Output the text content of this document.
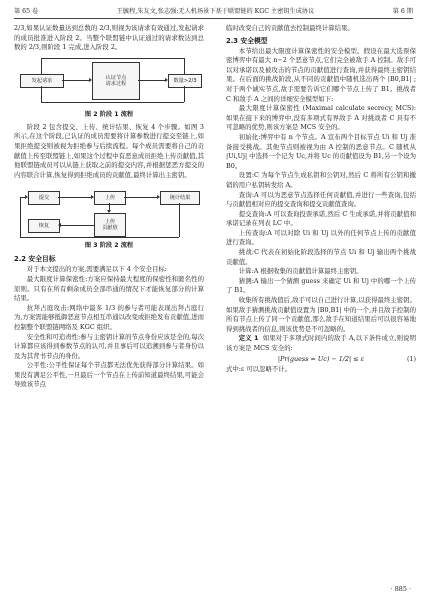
第 65 卷	王毓程,朱友文,张志强:无人机场景下基于联盟链的 KGC 主密钥生成协议	第 6 期

2/3,如果认证数量达到总数的 2/3,则视为该请求有效通过,发起请求的成员批准进入阶段 2。当整个联盟链中认证通过的请求数达到总数的 2/3,则阶段 1 完成,进入阶段 2。

发起请求	认证节点
请求过程	数量>2/3
图 2 阶段 1 流程

阶段 2 包含提交、上传、统计结果、恢复 4 个步骤。如图 3 所示,在这个阶段,已认证的成员需要将计算参数进行提交至链上,如果拒绝提交则被视为拒绝参与后续流程。每个成员需要将自己的贡献值上传至联盟链上,如果这个过程中有恶意成员拒绝上传贡献值,其他联盟链成员可以从链上获取之前的提交内容,并根据惩恶方提交的内容联合计算,恢复得到拒绝成员的贡献值,最终计算出主密钥。

提交	上传	统计结果
恢复
上传
贡献值
图 3 阶段 2 流程
2.2 安全目标

对于本文提出的方案,需要满足以下 4 个安全目标:

最大限度计算保密性:方案应保持最大程度的保密性和匿名性的原则。只有在所有剩余成员全部串通的情况下才能恢复部分的计算结果。

抗拜占庭攻击:网络中最多 1/3 的参与者可能表现出拜占庭行为,方案需能够抵御恶意节点相互串通以改变或拒绝发布贡献值,进而控制整个联盟链网络及 KGC 组织。

安全性和可追责性:参与主密钥计算的节点身份应该是全的,每次计算都应该得到参数节点的认可,并且事后可以追溯到参与者身份以及为其背书节点的身份。

公平性:公平性保证每个节点都无法优先获得部分计算结果。如果没有满足公平性,一旦最后一个节点在上传前知道最终结果,可能会导致该节点

临时改变自己的贡献值去控制最终计算结果。

2.3 安全模型

本节给出最大限度计算保密性的安全模型。假设在最大选票保密博弈中有最大 n−2 个恶意节点,它们完全被敌手 A 控制。敌手可以对承诺以及被攻击的节点的贡献值进行查询,并获得最终主密钥结果。在后面的挑战阶段,从不同的贡献值中随机选出两个 |B0,B1| ;对于两个诚实节点,敌手需要告诉它们哪个节点上传了 B1。挑战者 C 和敌手 A 之间的详细安全模型如下:

最大限度计算保密性 (Maximal calculate secrecy, MCS):如果在接下来的博弈中,没有多项式有界敌手 A 对挑战者 C 具有不可忽略的优势,则该方案是 MCS 安全的。

初始化:博弈中有 n 个节点。A 宣布两个目标节点 Ui 和 Uj 准备接受挑战。其他节点则被视为由 A 控制的恶意节点。C 随机从 |Ui,Uj| 中选择一个记为 Uc,并将 Uc 的贡献值设为 B1,另一个设为 B0。

设置:C 为每个节点生成私钥和公钥对,然后 C 将所有公钥和撤销的用户私钥转发给 A。

查询:A 可以为恶意节点选择任何贡献值,并进行一些查询,包括与贡献值相对应的提交查询和提交贡献值查询。

提交查询:A 可以查询投票承诺,然后 C 生成承诺,并将贡献值和承诺记录在列表 LC 中。

上传查询:A 可以对除 Ui 和 Uj 以外的任何节点上传的贡献值进行查询。

挑战:C 代表在初始化阶段选择的节点 Ui 和 Uj 输出两个挑战贡献值。

计算:A 根据收集的贡献值计算最终主密钥。

猜测:A 输出一个猜测 guess 来确定 Ui 和 Uj 中的哪一个上传了 B1。

收集所有挑战值后,敌手可以自己进行计算,以获得最终主密钥。如果敌手猜测挑战贡献值设置为 |B0,B1| 中的一个,并且敌手控制的所有节点上传了同一个贡献值,那么敌手在知道结果后可以很容易地得到挑战者的信息,则该优势是不可忽略的。

定义 1 如果对于多项式时间内的敌手 A,以下条件成立,则说明该方案是 MCS 安全的:

|Pr(guess = Uc) − 1/2| ≤ ε	(1)

式中:ε 可以忽略不计。

· 885 ·
